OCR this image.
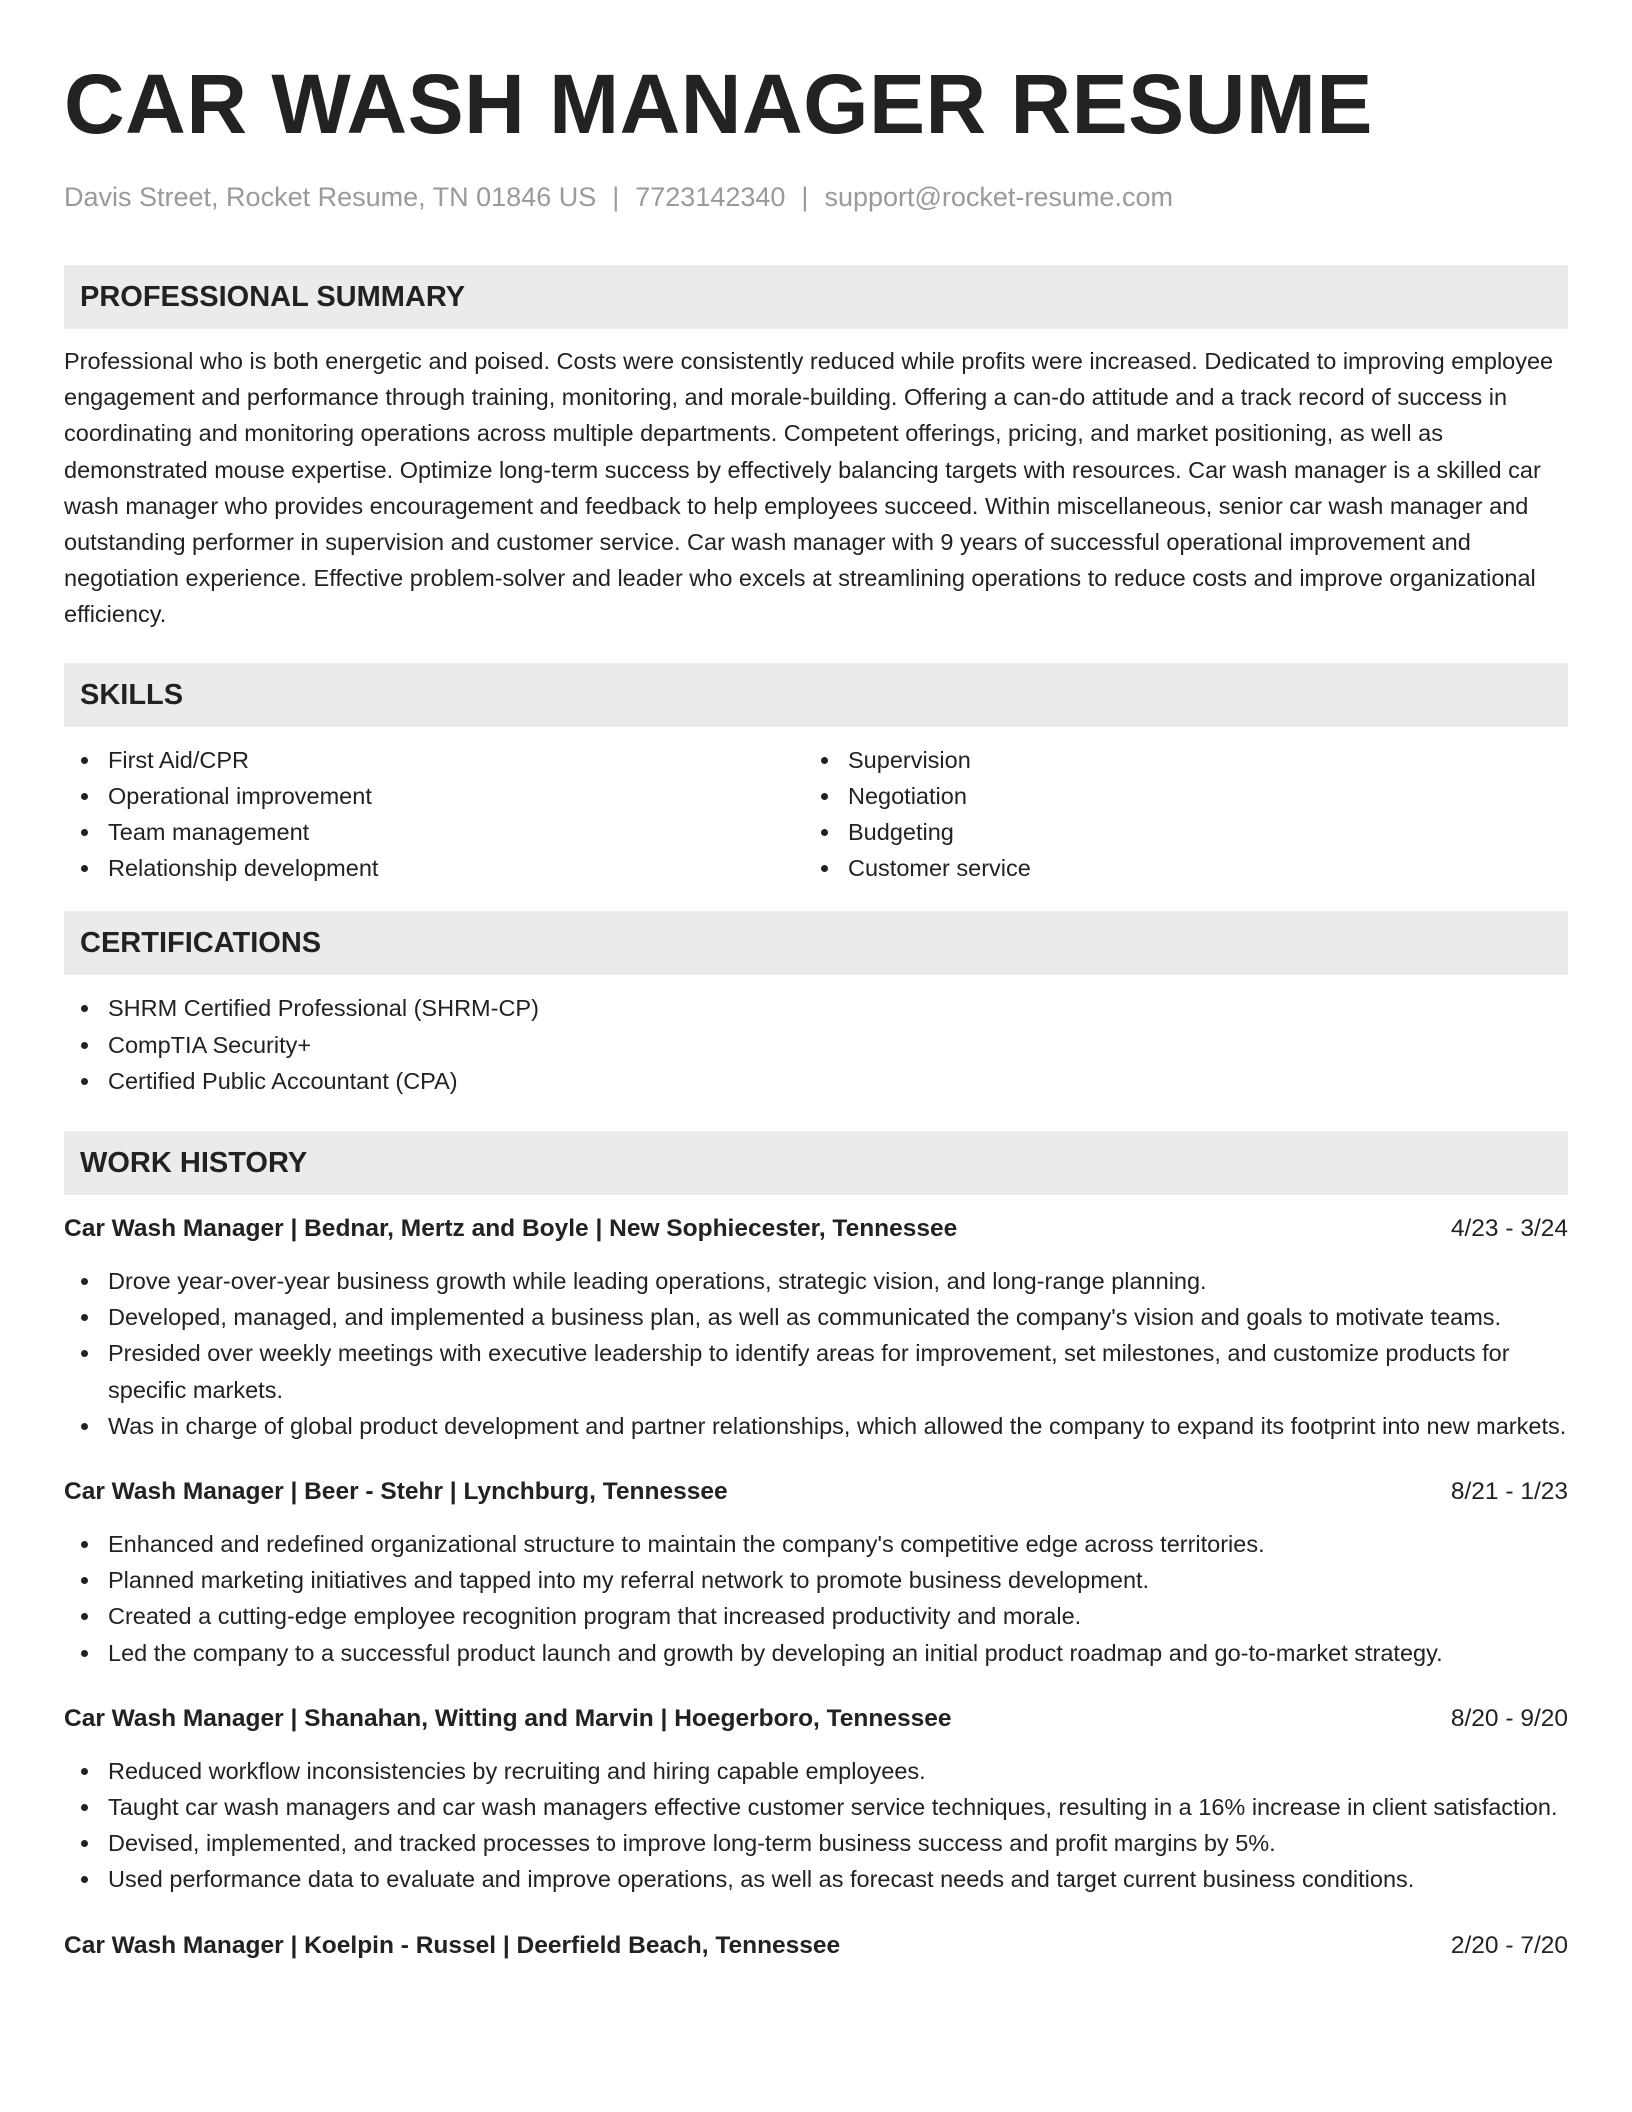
CAR WASH MANAGER RESUME
Davis Street, Rocket Resume, TN 01846 US | 7723142340 | support@rocket-resume.com
PROFESSIONAL SUMMARY

Professional who is both energetic and poised. Costs were consistently reduced while profits were increased. Dedicated to improving employee engagement and performance through training, monitoring, and morale-building. Offering a can-do attitude and a track record of success in coordinating and monitoring operations across multiple departments. Competent offerings, pricing, and market positioning, as well as demonstrated mouse expertise. Optimize long-term success by effectively balancing targets with resources. Car wash manager is a skilled car wash manager who provides encouragement and feedback to help employees succeed. Within miscellaneous, senior car wash manager and outstanding performer in supervision and customer service. Car wash manager with 9 years of successful operational improvement and negotiation experience. Effective problem-solver and leader who excels at streamlining operations to reduce costs and improve organizational efficiency.

SKILLS
First Aid/CPR
Operational improvement
Team management
Relationship development
Supervision
Negotiation
Budgeting
Customer service
CERTIFICATIONS
SHRM Certified Professional (SHRM-CP)
CompTIA Security+
Certified Public Accountant (CPA)
WORK HISTORY
Car Wash Manager | Bednar, Mertz and Boyle | New Sophiecester, Tennessee	4/23 - 3/24
Drove year-over-year business growth while leading operations, strategic vision, and long-range planning.
Developed, managed, and implemented a business plan, as well as communicated the company's vision and goals to motivate teams.
Presided over weekly meetings with executive leadership to identify areas for improvement, set milestones, and customize products for specific markets.
Was in charge of global product development and partner relationships, which allowed the company to expand its footprint into new markets.
Car Wash Manager | Beer - Stehr | Lynchburg, Tennessee	8/21 - 1/23
Enhanced and redefined organizational structure to maintain the company's competitive edge across territories.
Planned marketing initiatives and tapped into my referral network to promote business development.
Created a cutting-edge employee recognition program that increased productivity and morale.
Led the company to a successful product launch and growth by developing an initial product roadmap and go-to-market strategy.
Car Wash Manager | Shanahan, Witting and Marvin | Hoegerboro, Tennessee	8/20 - 9/20
Reduced workflow inconsistencies by recruiting and hiring capable employees.
Taught car wash managers and car wash managers effective customer service techniques, resulting in a 16% increase in client satisfaction.
Devised, implemented, and tracked processes to improve long-term business success and profit margins by 5%.
Used performance data to evaluate and improve operations, as well as forecast needs and target current business conditions.
Car Wash Manager | Koelpin - Russel | Deerfield Beach, Tennessee	2/20 - 7/20
